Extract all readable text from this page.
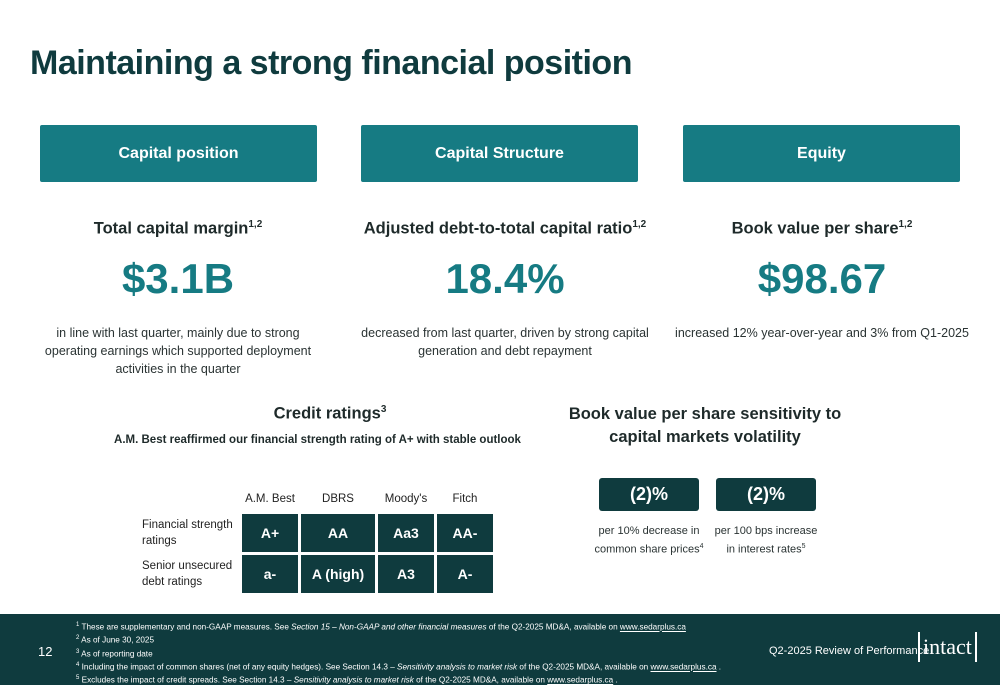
Maintaining a strong financial position
Capital position	Capital Structure	Equity
Total capital margin$^{1,2}$
$3.1B
in line with last quarter, mainly due to strong
operating earnings which supported deployment
activities in the quarter
Adjusted debt-to-total capital ratio$^{1,2}$
18.4%
decreased from last quarter, driven by strong capital
generation and debt repayment
Book value per share$^{1,2}$
$98.67
increased 12% year-over-year and 3% from Q1-2025
Credit ratings$^3$
A.M. Best reaffirmed our financial strength rating of A+ with stable outlook
	A.M. Best	DBRS	Moody's	Fitch

Financial strength
ratings	A+	AA	Aa3	AA-

Senior unsecured
debt ratings	a-	A (high)	A3	A-
Book value per share sensitivity to
capital markets volatility
(2)%
per 10% decrease in
common share prices$^4$
(2)%
per 100 bps increase
in interest rates$^5$
12
$^1$ These are supplementary and non-GAAP measures. See Section 15 – Non-GAAP and other financial measures of the Q2-2025 MD&A, available on www.sedarplus.ca
$^2$ As of June 30, 2025
$^3$ As of reporting date
$^4$ Including the impact of common shares (net of any equity hedges). See Section 14.3 – Sensitivity analysis to market risk of the Q2-2025 MD&A, available on www.sedarplus.ca .
$^5$ Excludes the impact of credit spreads. See Section 14.3 – Sensitivity analysis to market risk of the Q2-2025 MD&A, available on www.sedarplus.ca .
Q2-2025 Review of Performance
intact
